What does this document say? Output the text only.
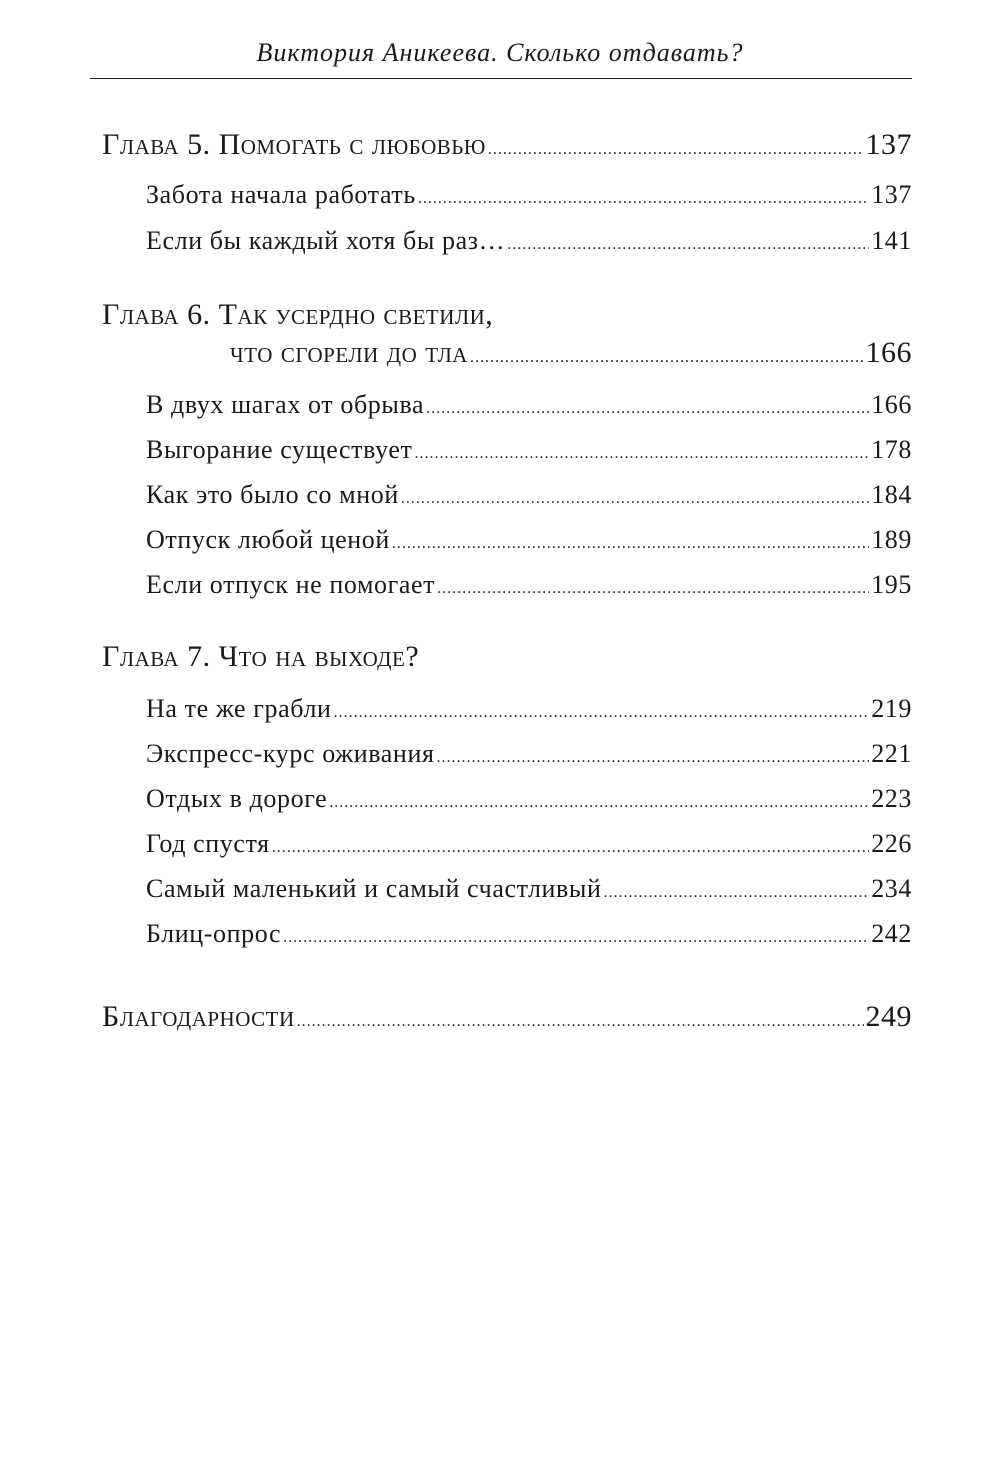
Виктория Аникеева. Сколько отдавать?
Глава 5. Помогать с любовью .....	137
Забота начала работать .....	137
Если бы каждый хотя бы раз… .....	141
Глава 6. Так усердно светили,
что сгорели до тла .....	166
В двух шагах от обрыва .....	166
Выгорание существует .....	178
Как это было со мной .....	184
Отпуск любой ценой .....	189
Если отпуск не помогает .....	195
Глава 7. Что на выходе?
На те же грабли .....	219
Экспресс-курс оживания .....	221
Отдых в дороге .....	223
Год спустя .....	226
Самый маленький и самый счастливый .....	234
Блиц-опрос .....	242
Благодарности .....	249
